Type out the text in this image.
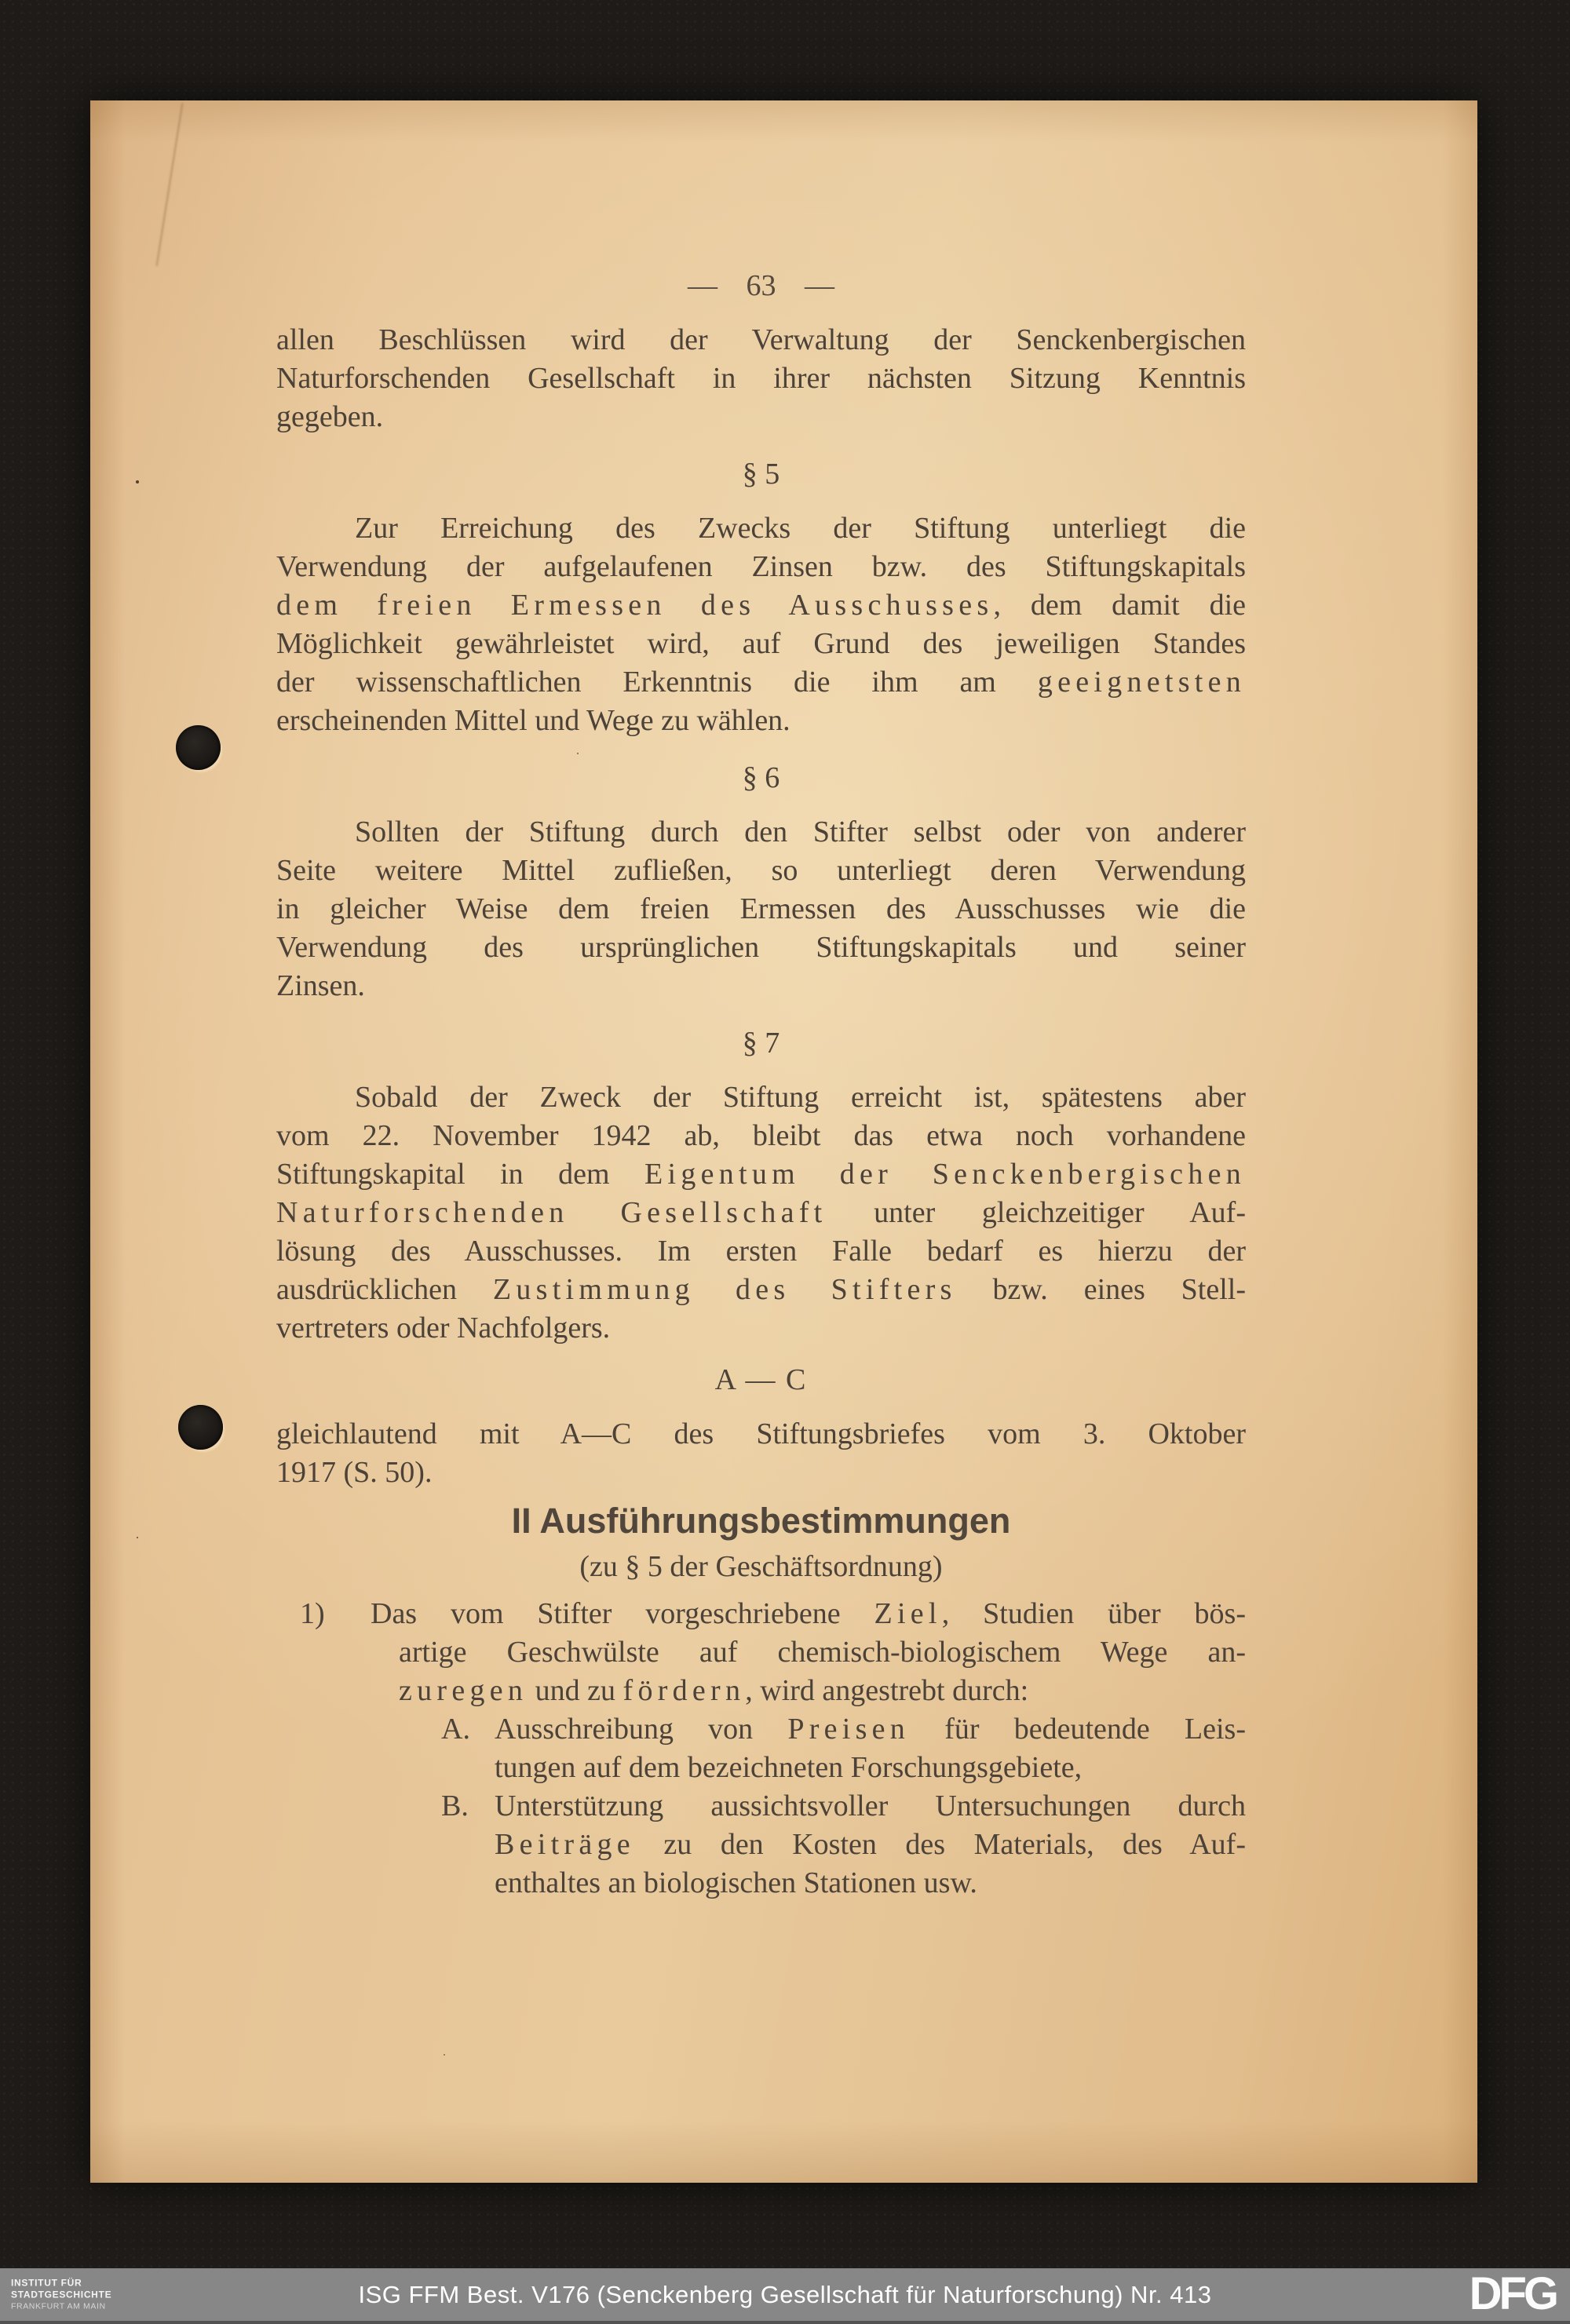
— 63 —
allen Beschlüssen wird der Verwaltung der Senckenbergischen
Naturforschenden Gesellschaft in ihrer nächsten Sitzung Kenntnis
gegeben.
§ 5
Zur Erreichung des Zwecks der Stiftung unterliegt die
Verwendung der aufgelaufenen Zinsen bzw. des Stiftungskapitals
dem freien Ermessen des Ausschusses, dem damit die
Möglichkeit gewährleistet wird, auf Grund des jeweiligen Standes
der wissenschaftlichen Erkenntnis die ihm am geeignetsten
erscheinenden Mittel und Wege zu wählen.
§ 6
Sollten der Stiftung durch den Stifter selbst oder von anderer
Seite weitere Mittel zufließen, so unterliegt deren Verwendung
in gleicher Weise dem freien Ermessen des Ausschusses wie die
Verwendung des ursprünglichen Stiftungskapitals und seiner
Zinsen.
§ 7
Sobald der Zweck der Stiftung erreicht ist, spätestens aber
vom 22. November 1942 ab, bleibt das etwa noch vorhandene
Stiftungskapital in dem Eigentum der Senckenbergischen
Naturforschenden Gesellschaft unter gleichzeitiger Auf-
lösung des Ausschusses. Im ersten Falle bedarf es hierzu der
ausdrücklichen Zustimmung des Stifters bzw. eines Stell-
vertreters oder Nachfolgers.
A — C
gleichlautend mit A—C des Stiftungsbriefes vom 3. Oktober
1917 (S. 50).
II Ausführungsbestimmungen
(zu § 5 der Geschäftsordnung)
1) Das vom Stifter vorgeschriebene Ziel, Studien über bös-
artige Geschwülste auf chemisch-biologischem Wege an-
zuregen und zu fördern, wird angestrebt durch:
A. Ausschreibung von Preisen für bedeutende Leis-
tungen auf dem bezeichneten Forschungsgebiete,
B. Unterstützung aussichtsvoller Untersuchungen durch
Beiträge zu den Kosten des Materials, des Auf-
enthaltes an biologischen Stationen usw.
INSTITUT FÜR
STADTGESCHICHTE
FRANKFURT AM MAIN	ISG FFM Best. V176 (Senckenberg Gesellschaft für Naturforschung) Nr. 413	DFG
